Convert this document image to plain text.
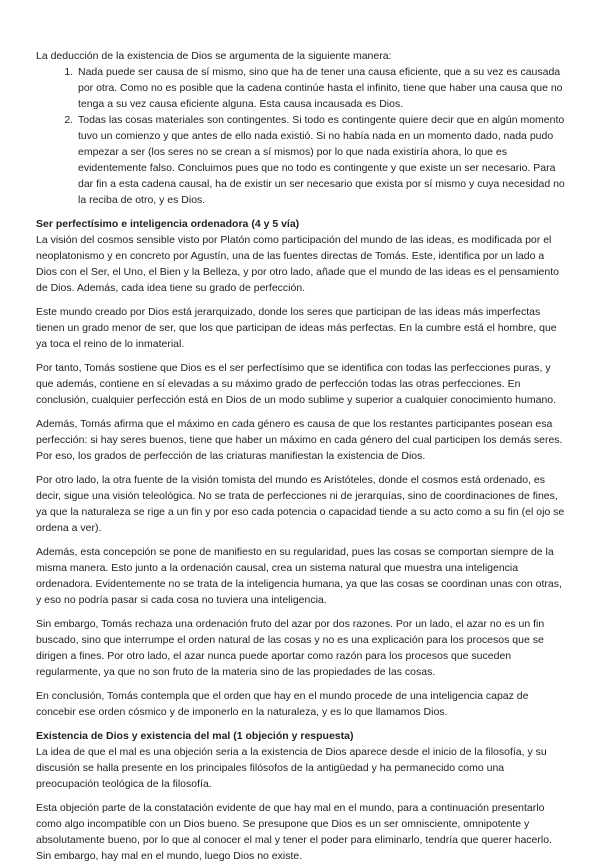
La deducción de la existencia de Dios se argumenta de la siguiente manera:

1. Nada puede ser causa de sí mismo, sino que ha de tener una causa eficiente, que a su vez es causada por otra. Como no es posible que la cadena continúe hasta el infinito, tiene que haber una causa que no tenga a su vez causa eficiente alguna. Esta causa incausada es Dios.
2. Todas las cosas materiales son contingentes. Si todo es contingente quiere decir que en algún momento tuvo un comienzo y que antes de ello nada existió. Si no había nada en un momento dado, nada pudo empezar a ser (los seres no se crean a sí mismos) por lo que nada existiría ahora, lo que es evidentemente falso. Concluimos pues que no todo es contingente y que existe un ser necesario. Para dar fin a esta cadena causal, ha de existir un ser necesario que exista por sí mismo y cuya necesidad no la reciba de otro, y es Dios.

Ser perfectísimo e inteligencia ordenadora (4 y 5 vía)

La visión del cosmos sensible visto por Platón como participación del mundo de las ideas, es modificada por el neoplatonismo y en concreto por Agustín, una de las fuentes directas de Tomás. Este, identifica por un lado a Dios con el Ser, el Uno, el Bien y la Belleza, y por otro lado, añade que el mundo de las ideas es el pensamiento de Dios. Además, cada idea tiene su grado de perfección.

Este mundo creado por Dios está jerarquizado, donde los seres que participan de las ideas más imperfectas tienen un grado menor de ser, que los que participan de ideas más perfectas. En la cumbre está el hombre, que ya toca el reino de lo inmaterial.

Por tanto, Tomás sostiene que Dios es el ser perfectísimo que se identifica con todas las perfecciones puras, y que además, contiene en sí elevadas a su máximo grado de perfección todas las otras perfecciones. En conclusión, cualquier perfección está en Dios de un modo sublime y superior a cualquier conocimiento humano.

Además, Tomás afirma que el máximo en cada género es causa de que los restantes participantes posean esa perfección: si hay seres buenos, tiene que haber un máximo en cada género del cual participen los demás seres. Por eso, los grados de perfección de las criaturas manifiestan la existencia de Dios.

Por otro lado, la otra fuente de la visión tomista del mundo es Aristóteles, donde el cosmos está ordenado, es decir, sigue una visión teleológica. No se trata de perfecciones ni de jerarquías, sino de coordinaciones de fines, ya que la naturaleza se rige a un fin y por eso cada potencia o capacidad tiende a su acto como a su fin (el ojo se ordena a ver).

Además, esta concepción se pone de manifiesto en su regularidad, pues las cosas se comportan siempre de la misma manera. Esto junto a la ordenación causal, crea un sistema natural que muestra una inteligencia ordenadora. Evidentemente no se trata de la inteligencia humana, ya que las cosas se coordinan unas con otras, y eso no podría pasar si cada cosa no tuviera una inteligencia.

Sin embargo, Tomás rechaza una ordenación fruto del azar por dos razones. Por un lado, el azar no es un fin buscado, sino que interrumpe el orden natural de las cosas y no es una explicación para los procesos que se dirigen a fines. Por otro lado, el azar nunca puede aportar como razón para los procesos que suceden regularmente, ya que no son fruto de la materia sino de las propiedades de las cosas.

En conclusión, Tomás contempla que el orden que hay en el mundo procede de una inteligencia capaz de concebir ese orden cósmico y de imponerlo en la naturaleza, y es lo que llamamos Dios.

Existencia de Dios y existencia del mal (1 objeción y respuesta)

La idea de que el mal es una objeción seria a la existencia de Dios aparece desde el inicio de la filosofía, y su discusión se halla presente en los principales filósofos de la antigüedad y ha permanecido como una preocupación teológica de la filosofía.

Esta objeción parte de la constatación evidente de que hay mal en el mundo, para a continuación presentarlo como algo incompatible con un Dios bueno. Se presupone que Dios es un ser omnisciente, omnipotente y absolutamente bueno, por lo que al conocer el mal y tener el poder para eliminarlo, tendría que querer hacerlo. Sin embargo, hay mal en el mundo, luego Dios no existe.
